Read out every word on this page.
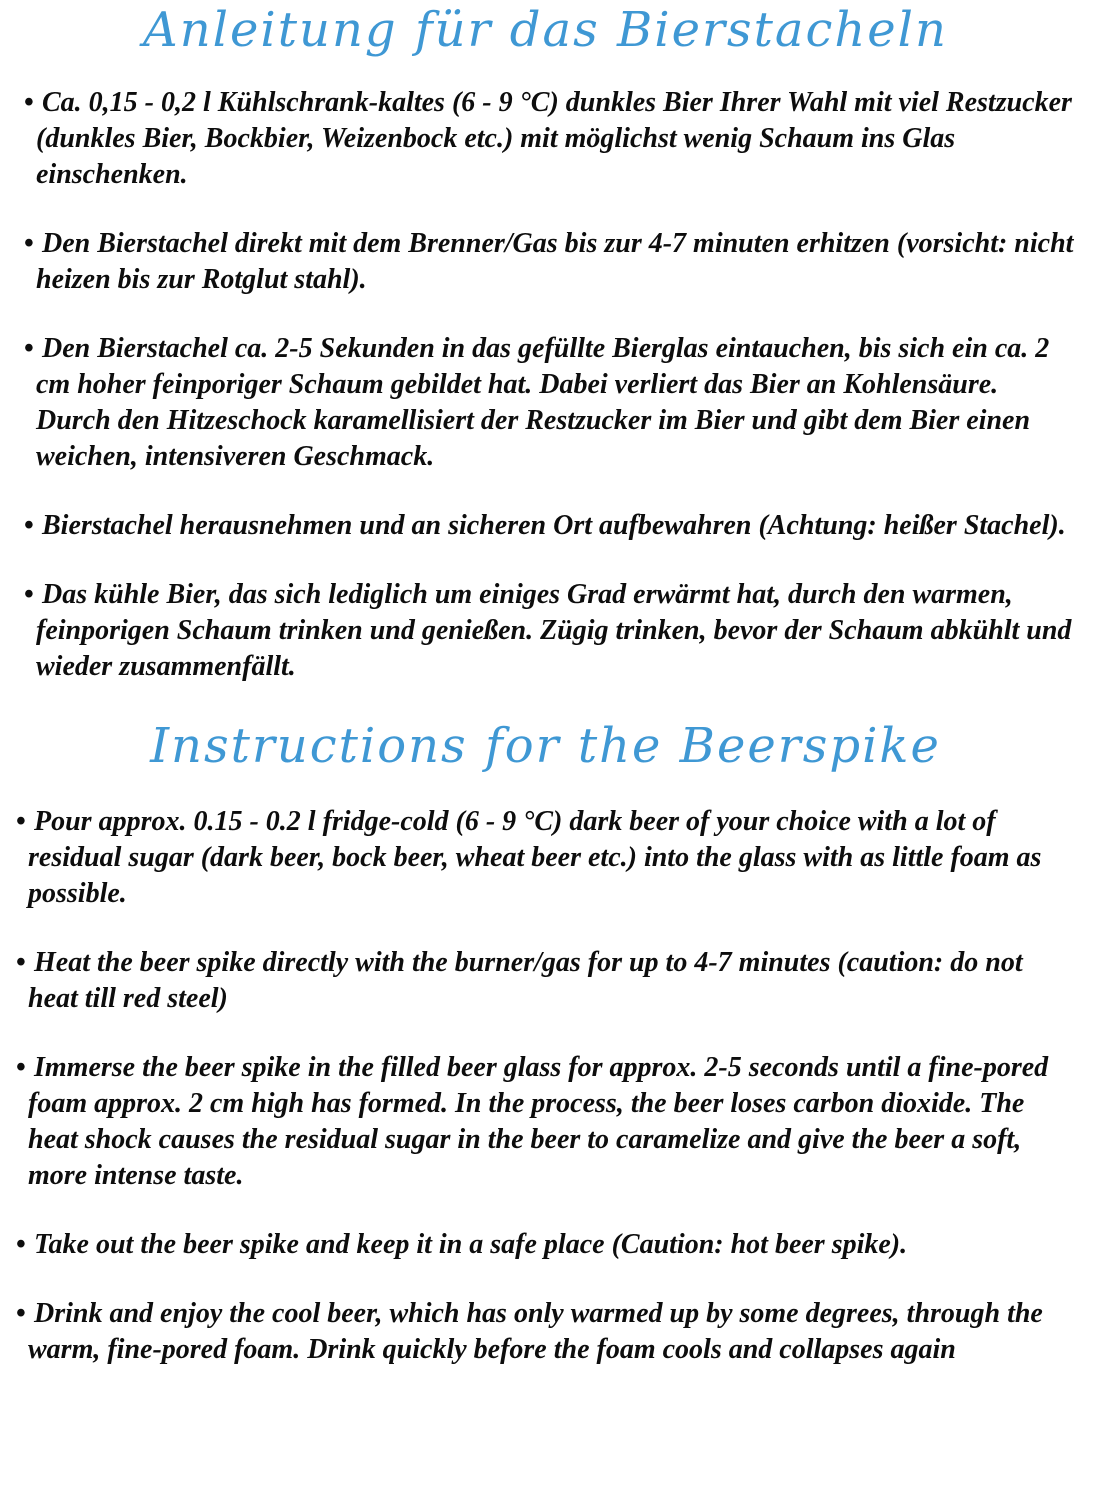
Anleitung für das Bierstacheln

• Ca. 0,15 - 0,2 l Kühlschrank-kaltes (6 - 9 °C) dunkles Bier Ihrer Wahl mit viel Restzucker (dunkles Bier, Bockbier, Weizenbock etc.) mit möglichst wenig Schaum ins Glas einschenken.

• Den Bierstachel direkt mit dem Brenner/Gas bis zur 4-7 minuten erhitzen (vorsicht: nicht heizen bis zur Rotglut stahl).

• Den Bierstachel ca. 2-5 Sekunden in das gefüllte Bierglas eintauchen, bis sich ein ca. 2 cm hoher feinporiger Schaum gebildet hat. Dabei verliert das Bier an Kohlensäure. Durch den Hitzeschock karamellisiert der Restzucker im Bier und gibt dem Bier einen weichen, intensiveren Geschmack.

• Bierstachel herausnehmen und an sicheren Ort aufbewahren (Achtung: heißer Stachel).

• Das kühle Bier, das sich lediglich um einiges Grad erwärmt hat, durch den warmen, feinporigen Schaum trinken und genießen. Zügig trinken, bevor der Schaum abkühlt und wieder zusammenfällt.

Instructions for the Beerspike

• Pour approx. 0.15 - 0.2 l fridge-cold (6 - 9 °C) dark beer of your choice with a lot of residual sugar (dark beer, bock beer, wheat beer etc.) into the glass with as little foam as possible.

• Heat the beer spike directly with the burner/gas for up to 4-7 minutes (caution: do not heat till red steel)

• Immerse the beer spike in the filled beer glass for approx. 2-5 seconds until a fine-pored foam approx. 2 cm high has formed. In the process, the beer loses carbon dioxide. The heat shock causes the residual sugar in the beer to caramelize and give the beer a soft, more intense taste.

• Take out the beer spike and keep it in a safe place (Caution: hot beer spike).

• Drink and enjoy the cool beer, which has only warmed up by some degrees, through the warm, fine-pored foam. Drink quickly before the foam cools and collapses again
